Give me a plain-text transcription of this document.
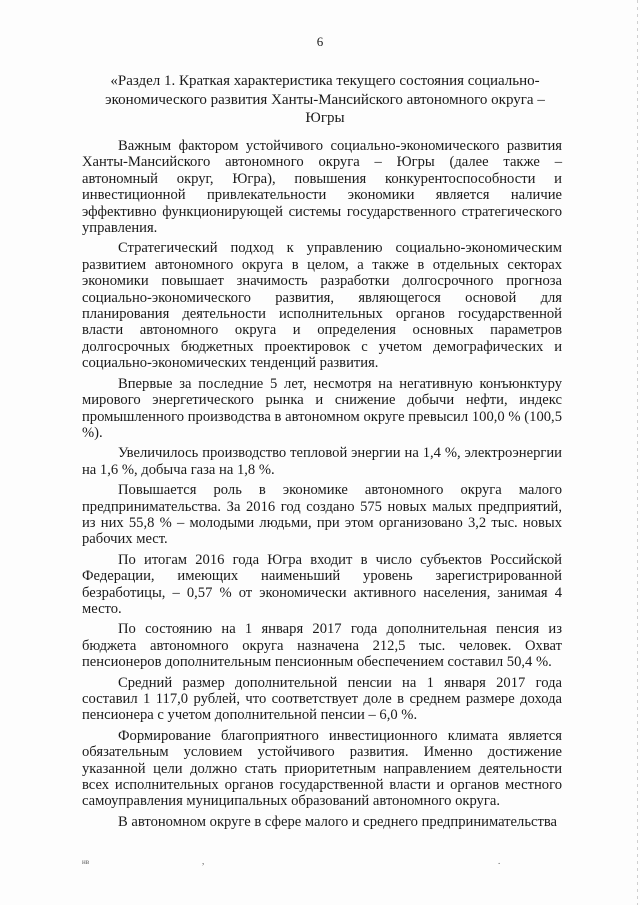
6
«Раздел 1. Краткая характеристика текущего состояния социально-экономического развития Ханты-Мансийского автономного округа – Югры

Важным фактором устойчивого социально-экономического развития Ханты-Мансийского автономного округа – Югры (далее также – автономный округ, Югра), повышения конкурентоспособности и инвестиционной привлекательности экономики является наличие эффективно функционирующей системы государственного стратегического управления.

Стратегический подход к управлению социально-экономическим развитием автономного округа в целом, а также в отдельных секторах экономики повышает значимость разработки долгосрочного прогноза социально-экономического развития, являющегося основой для планирования деятельности исполнительных органов государственной власти автономного округа и определения основных параметров долгосрочных бюджетных проектировок с учетом демографических и социально-экономических тенденций развития.

Впервые за последние 5 лет, несмотря на негативную конъюнктуру мирового энергетического рынка и снижение добычи нефти, индекс промышленного производства в автономном округе превысил 100,0 % (100,5 %).

Увеличилось производство тепловой энергии на 1,4 %, электроэнергии на 1,6 %, добыча газа на 1,8 %.

Повышается роль в экономике автономного округа малого предпринимательства. За 2016 год создано 575 новых малых предприятий, из них 55,8 % – молодыми людьми, при этом организовано 3,2 тыс. новых рабочих мест.

По итогам 2016 года Югра входит в число субъектов Российской Федерации, имеющих наименьший уровень зарегистрированной безработицы, – 0,57 % от экономически активного населения, занимая 4 место.

По состоянию на 1 января 2017 года дополнительная пенсия из бюджета автономного округа назначена 212,5 тыс. человек. Охват пенсионеров дополнительным пенсионным обеспечением составил 50,4 %.

Средний размер дополнительной пенсии на 1 января 2017 года составил 1 117,0 рублей, что соответствует доле в среднем размере дохода пенсионера с учетом дополнительной пенсии – 6,0 %.

Формирование благоприятного инвестиционного климата является обязательным условием устойчивого развития. Именно достижение указанной цели должно стать приоритетным направлением деятельности всех исполнительных органов государственной власти и органов местного самоуправления муниципальных образований автономного округа.

В автономном округе в сфере малого и среднего предпринимательства

нв	,	.
